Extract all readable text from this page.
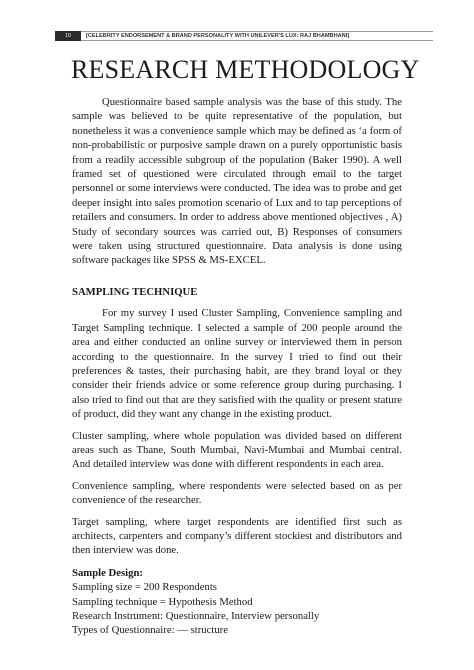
10	[CELEBRITY ENDORSEMENT & BRAND PERSONALITY WITH UNILEVER'S LUX: RAJ BHAMBHANI]
RESEARCH METHODOLOGY

Questionnaire based sample analysis was the base of this study. The sample was believed to be quite representative of the population, but nonetheless it was a convenience sample which may be defined as ‘a form of non-probabilistic or purposive sample drawn on a purely opportunistic basis from a readily accessible subgroup of the population (Baker 1990). A well framed set of questioned were circulated through email to the target personnel or some interviews were conducted. The idea was to probe and get deeper insight into sales promotion scenario of Lux and to tap perceptions of retailers and consumers. In order to address above mentioned objectives , A) Study of secondary sources was carried out, B) Responses of consumers were taken using structured questionnaire. Data analysis is done using software packages like SPSS & MS-EXCEL.

SAMPLING TECHNIQUE

For my survey I used Cluster Sampling, Convenience sampling and Target Sampling technique. I selected a sample of 200 people around the area and either conducted an online survey or interviewed them in person according to the questionnaire. In the survey I tried to find out their preferences & tastes, their purchasing habit, are they brand loyal or they consider their friends advice or some reference group during purchasing. I also tried to find out that are they satisfied with the quality or present stature of product, did they want any change in the existing product.

Cluster sampling, where whole population was divided based on different areas such as Thane, South Mumbai, Navi-Mumbai and Mumbai central. And detailed interview was done with different respondents in each area.

Convenience sampling, where respondents were selected based on as per convenience of the researcher.

Target sampling, where target respondents are identified first such as architects, carpenters and company’s different stockiest and distributors and then interview was done.

Sample Design:
Sampling size = 200 Respondents
Sampling technique = Hypothesis Method
Research Instrument: Questionnaire, Interview personally
Types of Questionnaire: — structure
